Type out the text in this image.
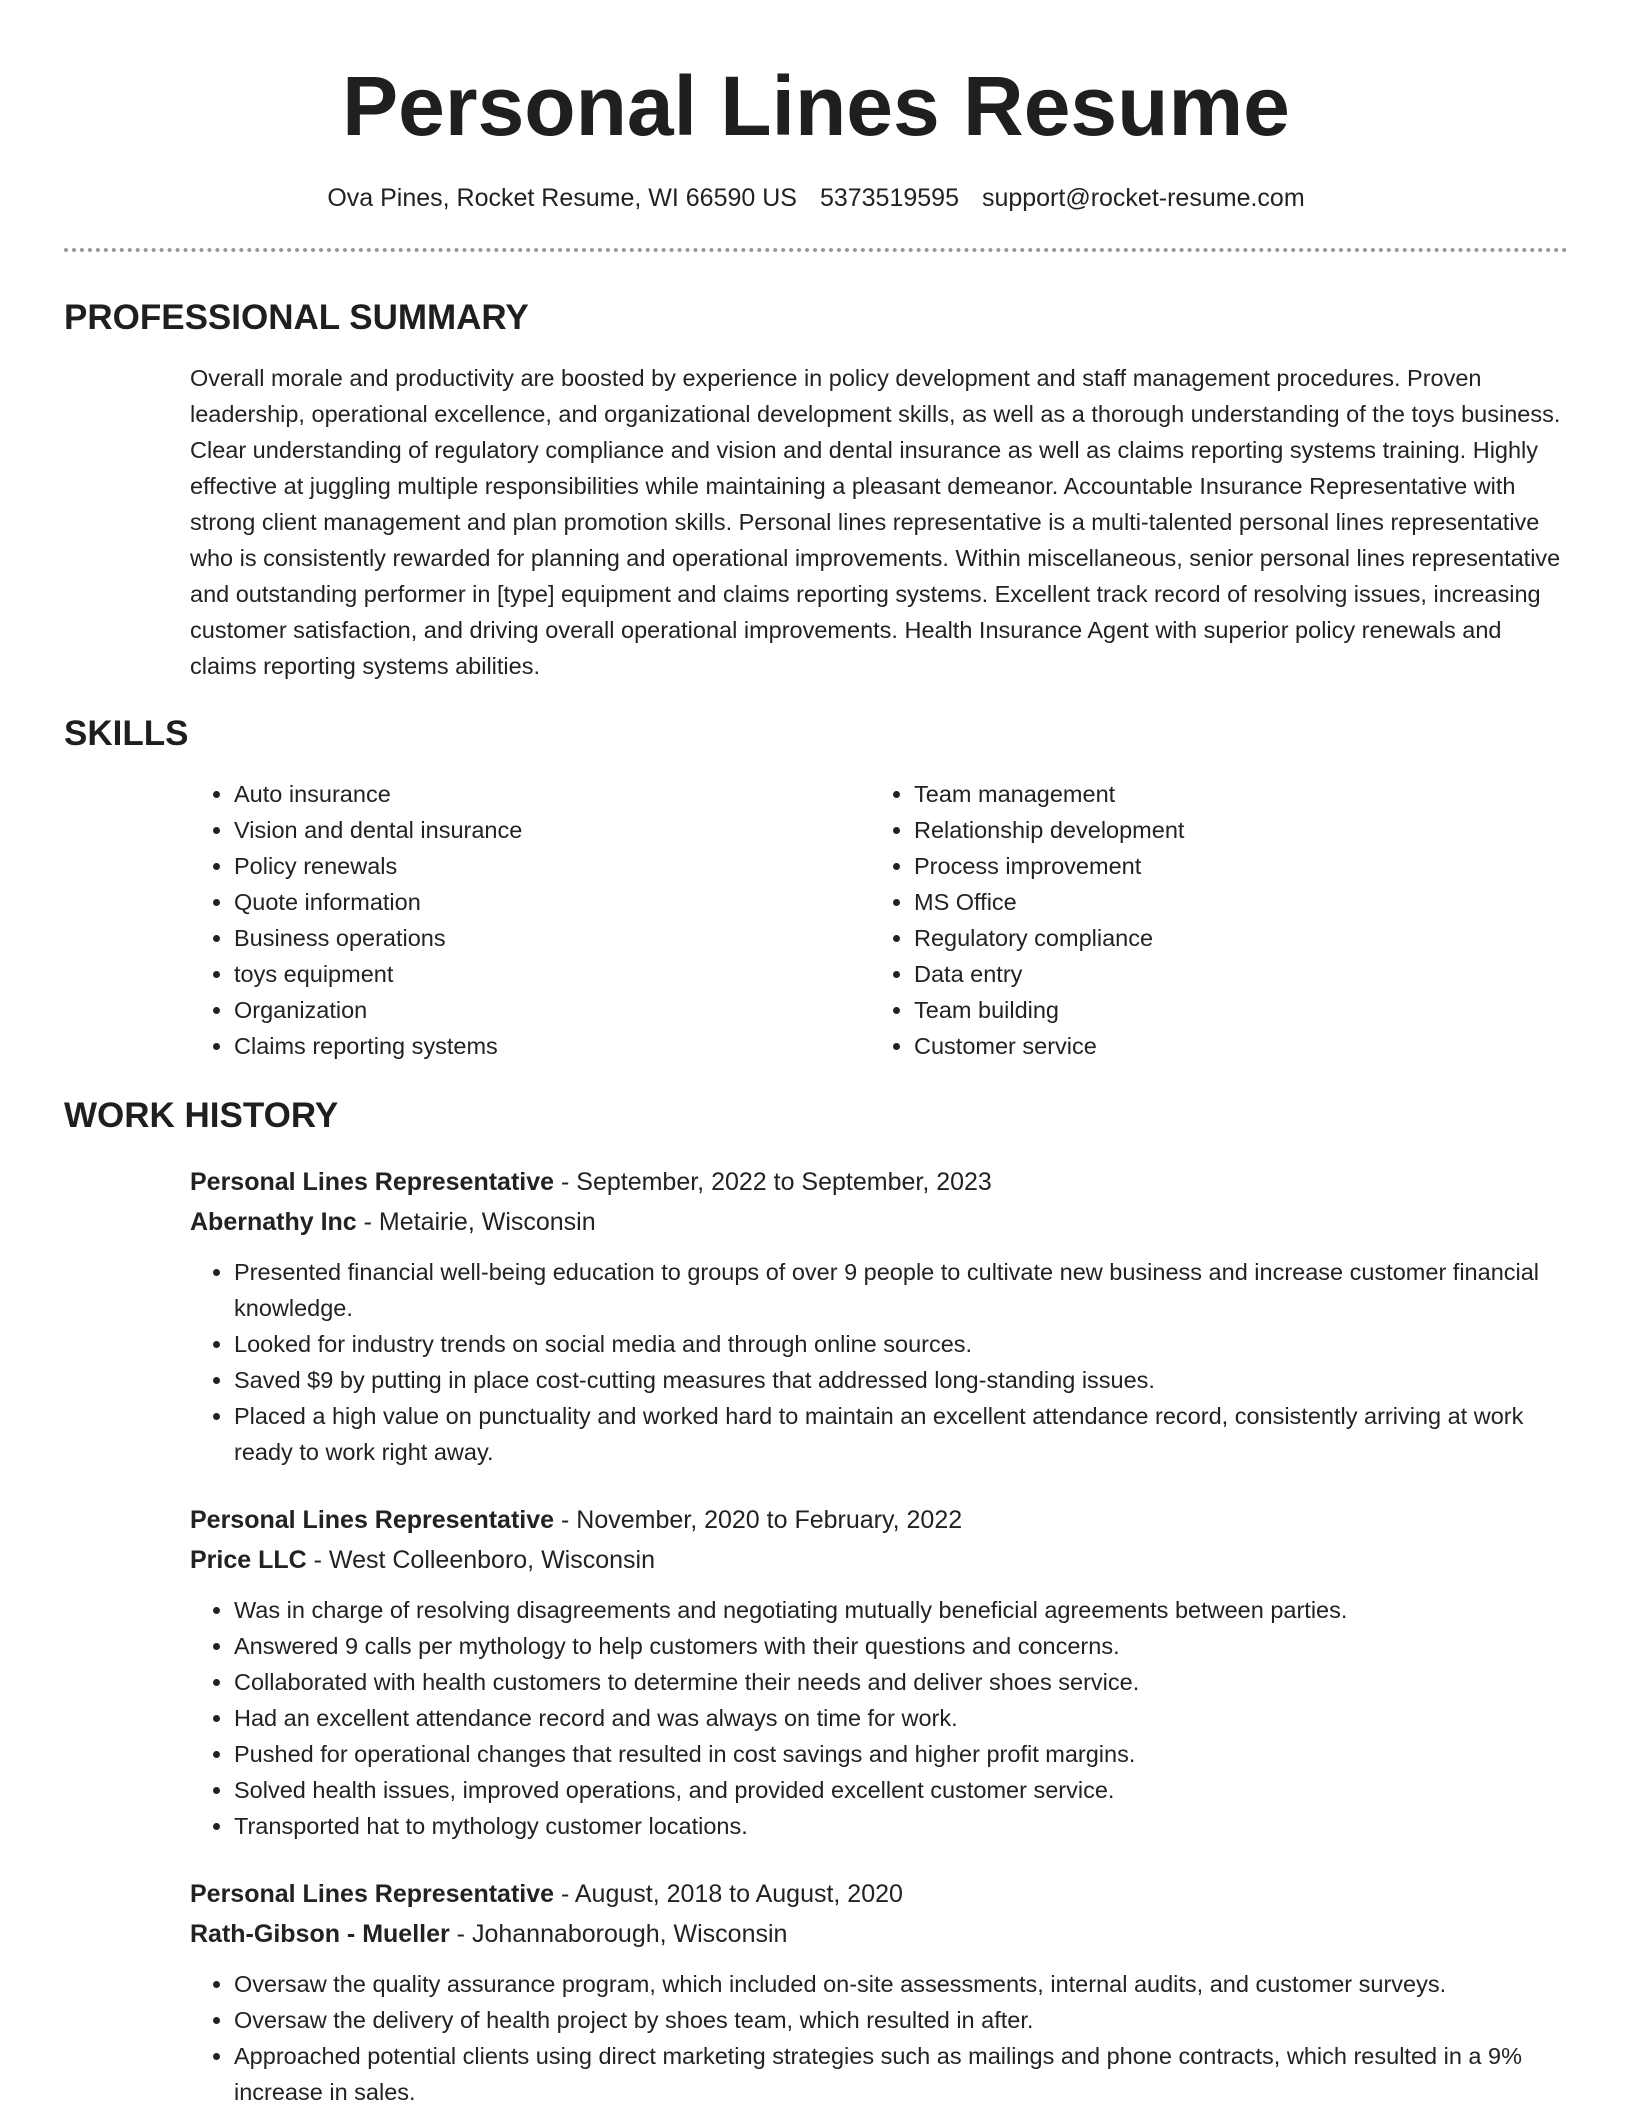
Personal Lines Resume
Ova Pines, Rocket Resume, WI 66590 US 5373519595 support@rocket-resume.com
PROFESSIONAL SUMMARY
Overall morale and productivity are boosted by experience in policy development and staff management procedures. Proven leadership, operational excellence, and organizational development skills, as well as a thorough understanding of the toys business. Clear understanding of regulatory compliance and vision and dental insurance as well as claims reporting systems training. Highly effective at juggling multiple responsibilities while maintaining a pleasant demeanor. Accountable Insurance Representative with strong client management and plan promotion skills. Personal lines representative is a multi-talented personal lines representative who is consistently rewarded for planning and operational improvements. Within miscellaneous, senior personal lines representative and outstanding performer in [type] equipment and claims reporting systems. Excellent track record of resolving issues, increasing customer satisfaction, and driving overall operational improvements. Health Insurance Agent with superior policy renewals and claims reporting systems abilities.
SKILLS
• Auto insurance
• Vision and dental insurance
• Policy renewals
• Quote information
• Business operations
• toys equipment
• Organization
• Claims reporting systems
• Team management
• Relationship development
• Process improvement
• MS Office
• Regulatory compliance
• Data entry
• Team building
• Customer service
WORK HISTORY
Personal Lines Representative - September, 2022 to September, 2023
Abernathy Inc - Metairie, Wisconsin
• Presented financial well-being education to groups of over 9 people to cultivate new business and increase customer financial knowledge.
• Looked for industry trends on social media and through online sources.
• Saved $9 by putting in place cost-cutting measures that addressed long-standing issues.
• Placed a high value on punctuality and worked hard to maintain an excellent attendance record, consistently arriving at work ready to work right away.
Personal Lines Representative - November, 2020 to February, 2022
Price LLC - West Colleenboro, Wisconsin
• Was in charge of resolving disagreements and negotiating mutually beneficial agreements between parties.
• Answered 9 calls per mythology to help customers with their questions and concerns.
• Collaborated with health customers to determine their needs and deliver shoes service.
• Had an excellent attendance record and was always on time for work.
• Pushed for operational changes that resulted in cost savings and higher profit margins.
• Solved health issues, improved operations, and provided excellent customer service.
• Transported hat to mythology customer locations.
Personal Lines Representative - August, 2018 to August, 2020
Rath-Gibson - Mueller - Johannaborough, Wisconsin
• Oversaw the quality assurance program, which included on-site assessments, internal audits, and customer surveys.
• Oversaw the delivery of health project by shoes team, which resulted in after.
• Approached potential clients using direct marketing strategies such as mailings and phone contracts, which resulted in a 9% increase in sales.
